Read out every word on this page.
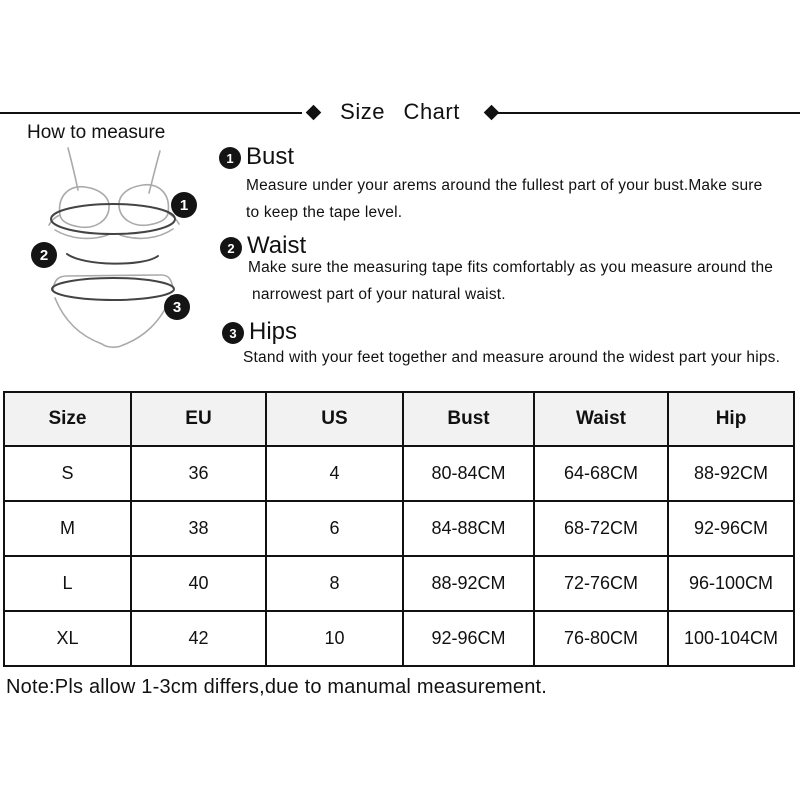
Size Chart
How to measure
1
2
3
1 Bust
Measure under your arems around the fullest part of your bust.Make sure
to keep the tape level.
2 Waist
Make sure the measuring tape fits comfortably as you measure around the
narrowest part of your natural waist.
3 Hips
Stand with your feet together and measure around the widest part your hips.
Size	EU	US	Bust	Waist	Hip
S	36	4	80-84CM	64-68CM	88-92CM
M	38	6	84-88CM	68-72CM	92-96CM
L	40	8	88-92CM	72-76CM	96-100CM
XL	42	10	92-96CM	76-80CM	100-104CM
Note:Pls allow 1-3cm differs,due to manumal measurement.
